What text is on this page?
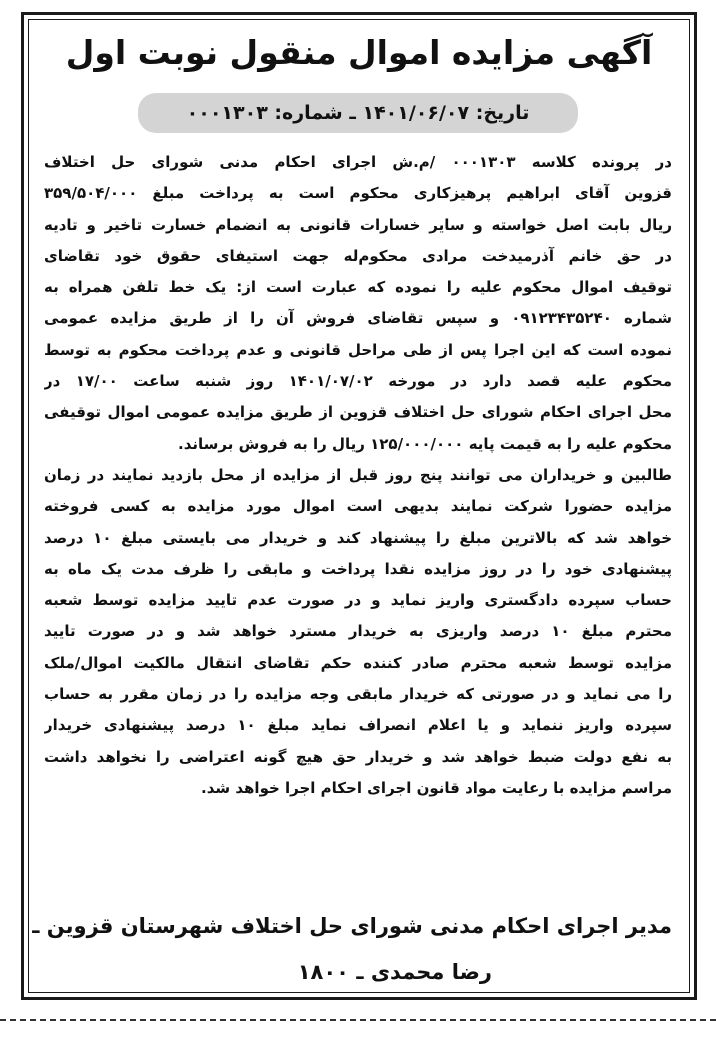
آگهی مزایده اموال منقول نوبت اول
تاریخ: ۱۴۰۱/۰۶/۰۷ ـ شماره: ۰۰۰۱۳۰۳
در پرونده کلاسه ۰۰۰۱۳۰۳ /م.ش اجرای احکام مدنی شورای حل اختلاف
قزوین آقای ابراهیم پرهیزکاری محکوم است به پرداخت مبلغ ۳۵۹/۵۰۴/۰۰۰
ریال بابت اصل خواسته و سایر خسارات قانونی به انضمام خسارت تاخیر و تادیه
در حق خانم آذرمیدخت مرادی محکوم‌له جهت استیفای حقوق خود تقاضای
توقیف اموال محکوم علیه را نموده که عبارت است از: یک خط تلفن همراه به
شماره ۰۹۱۲۳۴۳۵۲۴۰ و سپس تقاضای فروش آن را از طریق مزایده عمومی
نموده است که این اجرا پس از طی مراحل قانونی و عدم پرداخت محکوم به توسط
محکوم علیه قصد دارد در مورخه ۱۴۰۱/۰۷/۰۲ روز شنبه ساعت ۱۷/۰۰ در
محل اجرای احکام شورای حل اختلاف قزوین از طریق مزایده عمومی اموال توقیفی
محکوم علیه را به قیمت پایه ۱۲۵/۰۰۰/۰۰۰ ریال را به فروش برساند.
طالبین و خریداران می توانند پنج روز قبل از مزایده از محل بازدید نمایند در زمان
مزایده حضورا شرکت نمایند بدیهی است اموال مورد مزایده به کسی فروخته
خواهد شد که بالاترین مبلغ را پیشنهاد کند و خریدار می بایستی مبلغ ۱۰ درصد
پیشنهادی خود را در روز مزایده نقدا پرداخت و مابقی را ظرف مدت یک ماه به
حساب سپرده دادگستری واریز نماید و در صورت عدم تایید مزایده توسط شعبه
محترم مبلغ ۱۰ درصد واریزی به خریدار مسترد خواهد شد و در صورت تایید
مزایده توسط شعبه محترم صادر کننده حکم تقاضای انتقال مالکیت اموال/ملک
را می نماید و در صورتی که خریدار مابقی وجه مزایده را در زمان مقرر به حساب
سپرده واریز ننماید و یا اعلام انصراف نماید مبلغ ۱۰ درصد پیشنهادی خریدار
به نفع دولت ضبط خواهد شد و خریدار حق هیچ گونه اعتراضی را نخواهد داشت
مراسم مزایده با رعایت مواد قانون اجرای احکام اجرا خواهد شد.
مدیر اجرای احکام مدنی شورای حل اختلاف شهرستان قزوین ـ
رضا محمدی ـ ۱۸۰۰
